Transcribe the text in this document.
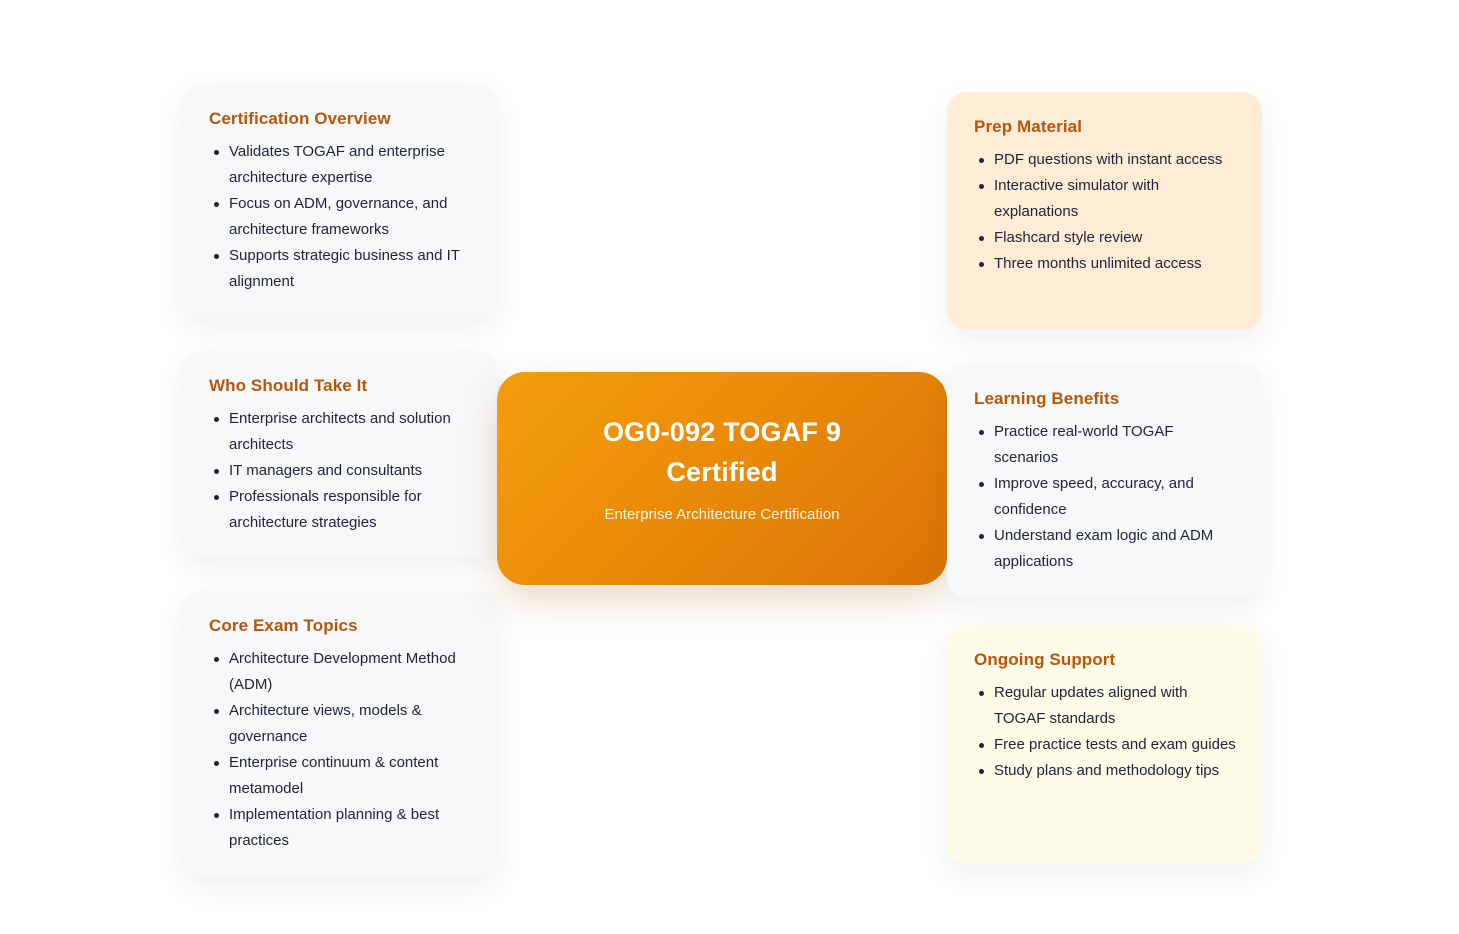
Certification Overview
Validates TOGAF and enterprise architecture expertise
Focus on ADM, governance, and architecture frameworks
Supports strategic business and IT alignment
Who Should Take It
Enterprise architects and solution architects
IT managers and consultants
Professionals responsible for architecture strategies
Core Exam Topics
Architecture Development Method (ADM)
Architecture views, models & governance
Enterprise continuum & content metamodel
Implementation planning & best practices
OG0-092 TOGAF 9 Certified

Enterprise Architecture Certification

Prep Material
PDF questions with instant access
Interactive simulator with explanations
Flashcard style review
Three months unlimited access
Learning Benefits
Practice real-world TOGAF scenarios
Improve speed, accuracy, and confidence
Understand exam logic and ADM applications
Ongoing Support
Regular updates aligned with TOGAF standards
Free practice tests and exam guides
Study plans and methodology tips
